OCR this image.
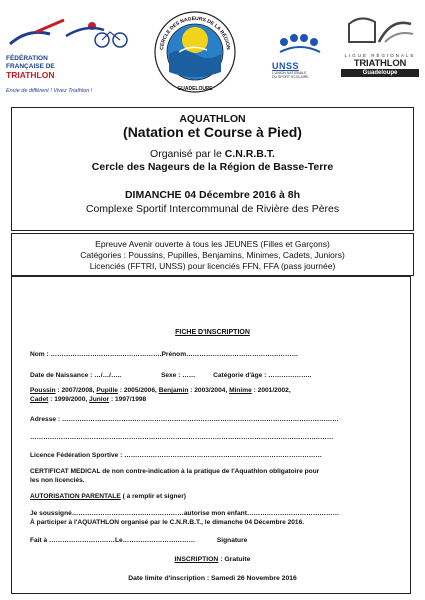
FÉDÉRATION
FRANÇAISE DE
TRIATHLON
Envie de différent ! Vivez Triathlon !
CERCLE DES NAGEURS DE LA RÉGION
GUADELOUPE
UNSS
L'UNION NATIONALE
DU SPORT SCOLAIRE
LIGUE RÉGIONALE
TRIATHLON
Guadeloupe
AQUATHLON
(Natation et Course à Pied)
Organisé par le C.N.R.B.T.
Cercle des Nageurs de la Région de Basse-Terre
DIMANCHE 04 Décembre 2016 à 8h
Complexe Sportif Intercommunal de Rivière des Pères
Epreuve Avenir ouverte à tous les JEUNES (Filles et Garçons)
Catégories : Poussins, Pupilles, Benjamins, Minimes, Cadets, Juniors)
Licenciés (FFTRI, UNSS) pour licenciés FFN, FFA (pass journée)
FICHE D'INSCRIPTION
Nom : …………………………..……………….Prénom……………………………………………
Date de Naissance : …/…/…..	Sexe : ……	Catégorie d'âge : ………………..
Poussin : 2007/2008, Pupille : 2005/2006, Benjamin : 2003/2004, Minime : 2001/2002,
Cadet : 1999/2000, Junior : 1997/1998
Adresse : ………………………………………………………………………………………………………………
…………………………………………………………………………………………………………………………
Licence Fédération Sportive : ………………………………………………………………………………
CERTIFICAT MEDICAL de non contre-indication à la pratique de l'Aquathlon obligatoire pour
les non licenciés.
AUTORISATION PARENTALE ( à remplir et signer)
Je soussigné……………………………………………autorise mon enfant……………………………………
À participer à l'AQUATHLON organisé par le C.N.R.B.T., le dimanche 04 Décembre 2016.
Fait à …………………………Le……………………………	Signature
INSCRIPTION : Gratuite
Date limite d'inscription : Samedi 26 Novembre 2016
